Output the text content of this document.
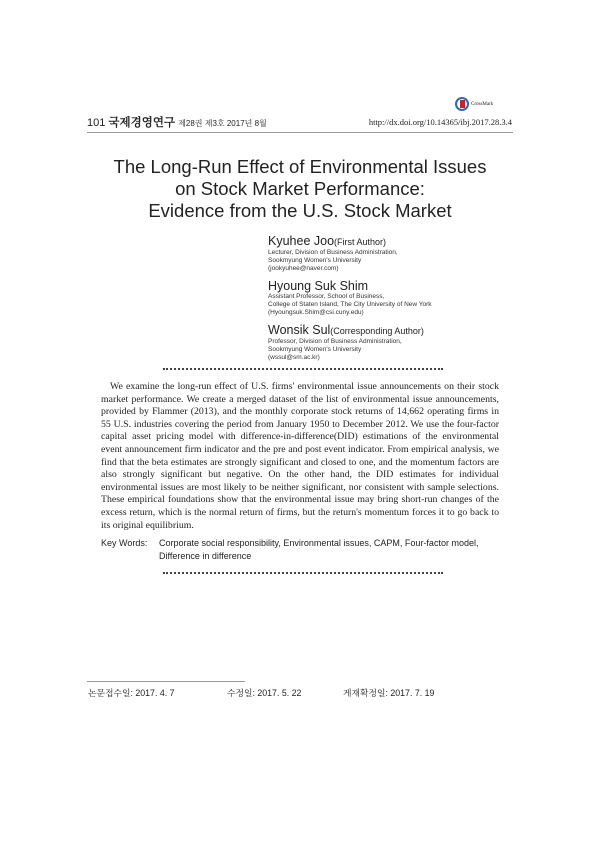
101 국제경영연구 제28권 제3호 2017년 8월
CrossMark
http://dx.doi.org/10.14365/ibj.2017.28.3.4
The Long-Run Effect of Environmental Issues
on Stock Market Performance:
Evidence from the U.S. Stock Market
Kyuhee Joo(First Author)
Lecturer, Division of Business Administration,
Sookmyung Women's University
(jookyuhee@naver.com)
Hyoung Suk Shim
Assistant Professor, School of Business,
College of Staten Island, The City University of New York
(Hyoungsuk.Shim@csi.cuny.edu)
Wonsik Sul(Corresponding Author)
Professor, Division of Business Administration,
Sookmyung Women's University
(wssul@sm.ac.kr)
We examine the long-run effect of U.S. firms' environmental issue announcements on their stock market performance. We create a merged dataset of the list of environmental issue announcements, provided by Flammer (2013), and the monthly corporate stock returns of 14,662 operating firms in 55 U.S. industries covering the period from January 1950 to December 2012. We use the four-factor capital asset pricing model with difference-in-difference(DID) estimations of the environmental event announcement firm indicator and the pre and post event indicator. From empirical analysis, we find that the beta estimates are strongly significant and closed to one, and the momentum factors are also strongly significant but negative. On the other hand, the DID estimates for individual environmental issues are most likely to be neither significant, nor consistent with sample selections. These empirical foundations show that the environmental issue may bring short-run changes of the excess return, which is the normal return of firms, but the return's momentum forces it to go back to its original equilibrium.
Key Words:	Corporate social responsibility, Environmental issues, CAPM, Four-factor model, Difference in difference
논문접수일: 2017. 4. 7	수정일: 2017. 5. 22	게재확정일: 2017. 7. 19
